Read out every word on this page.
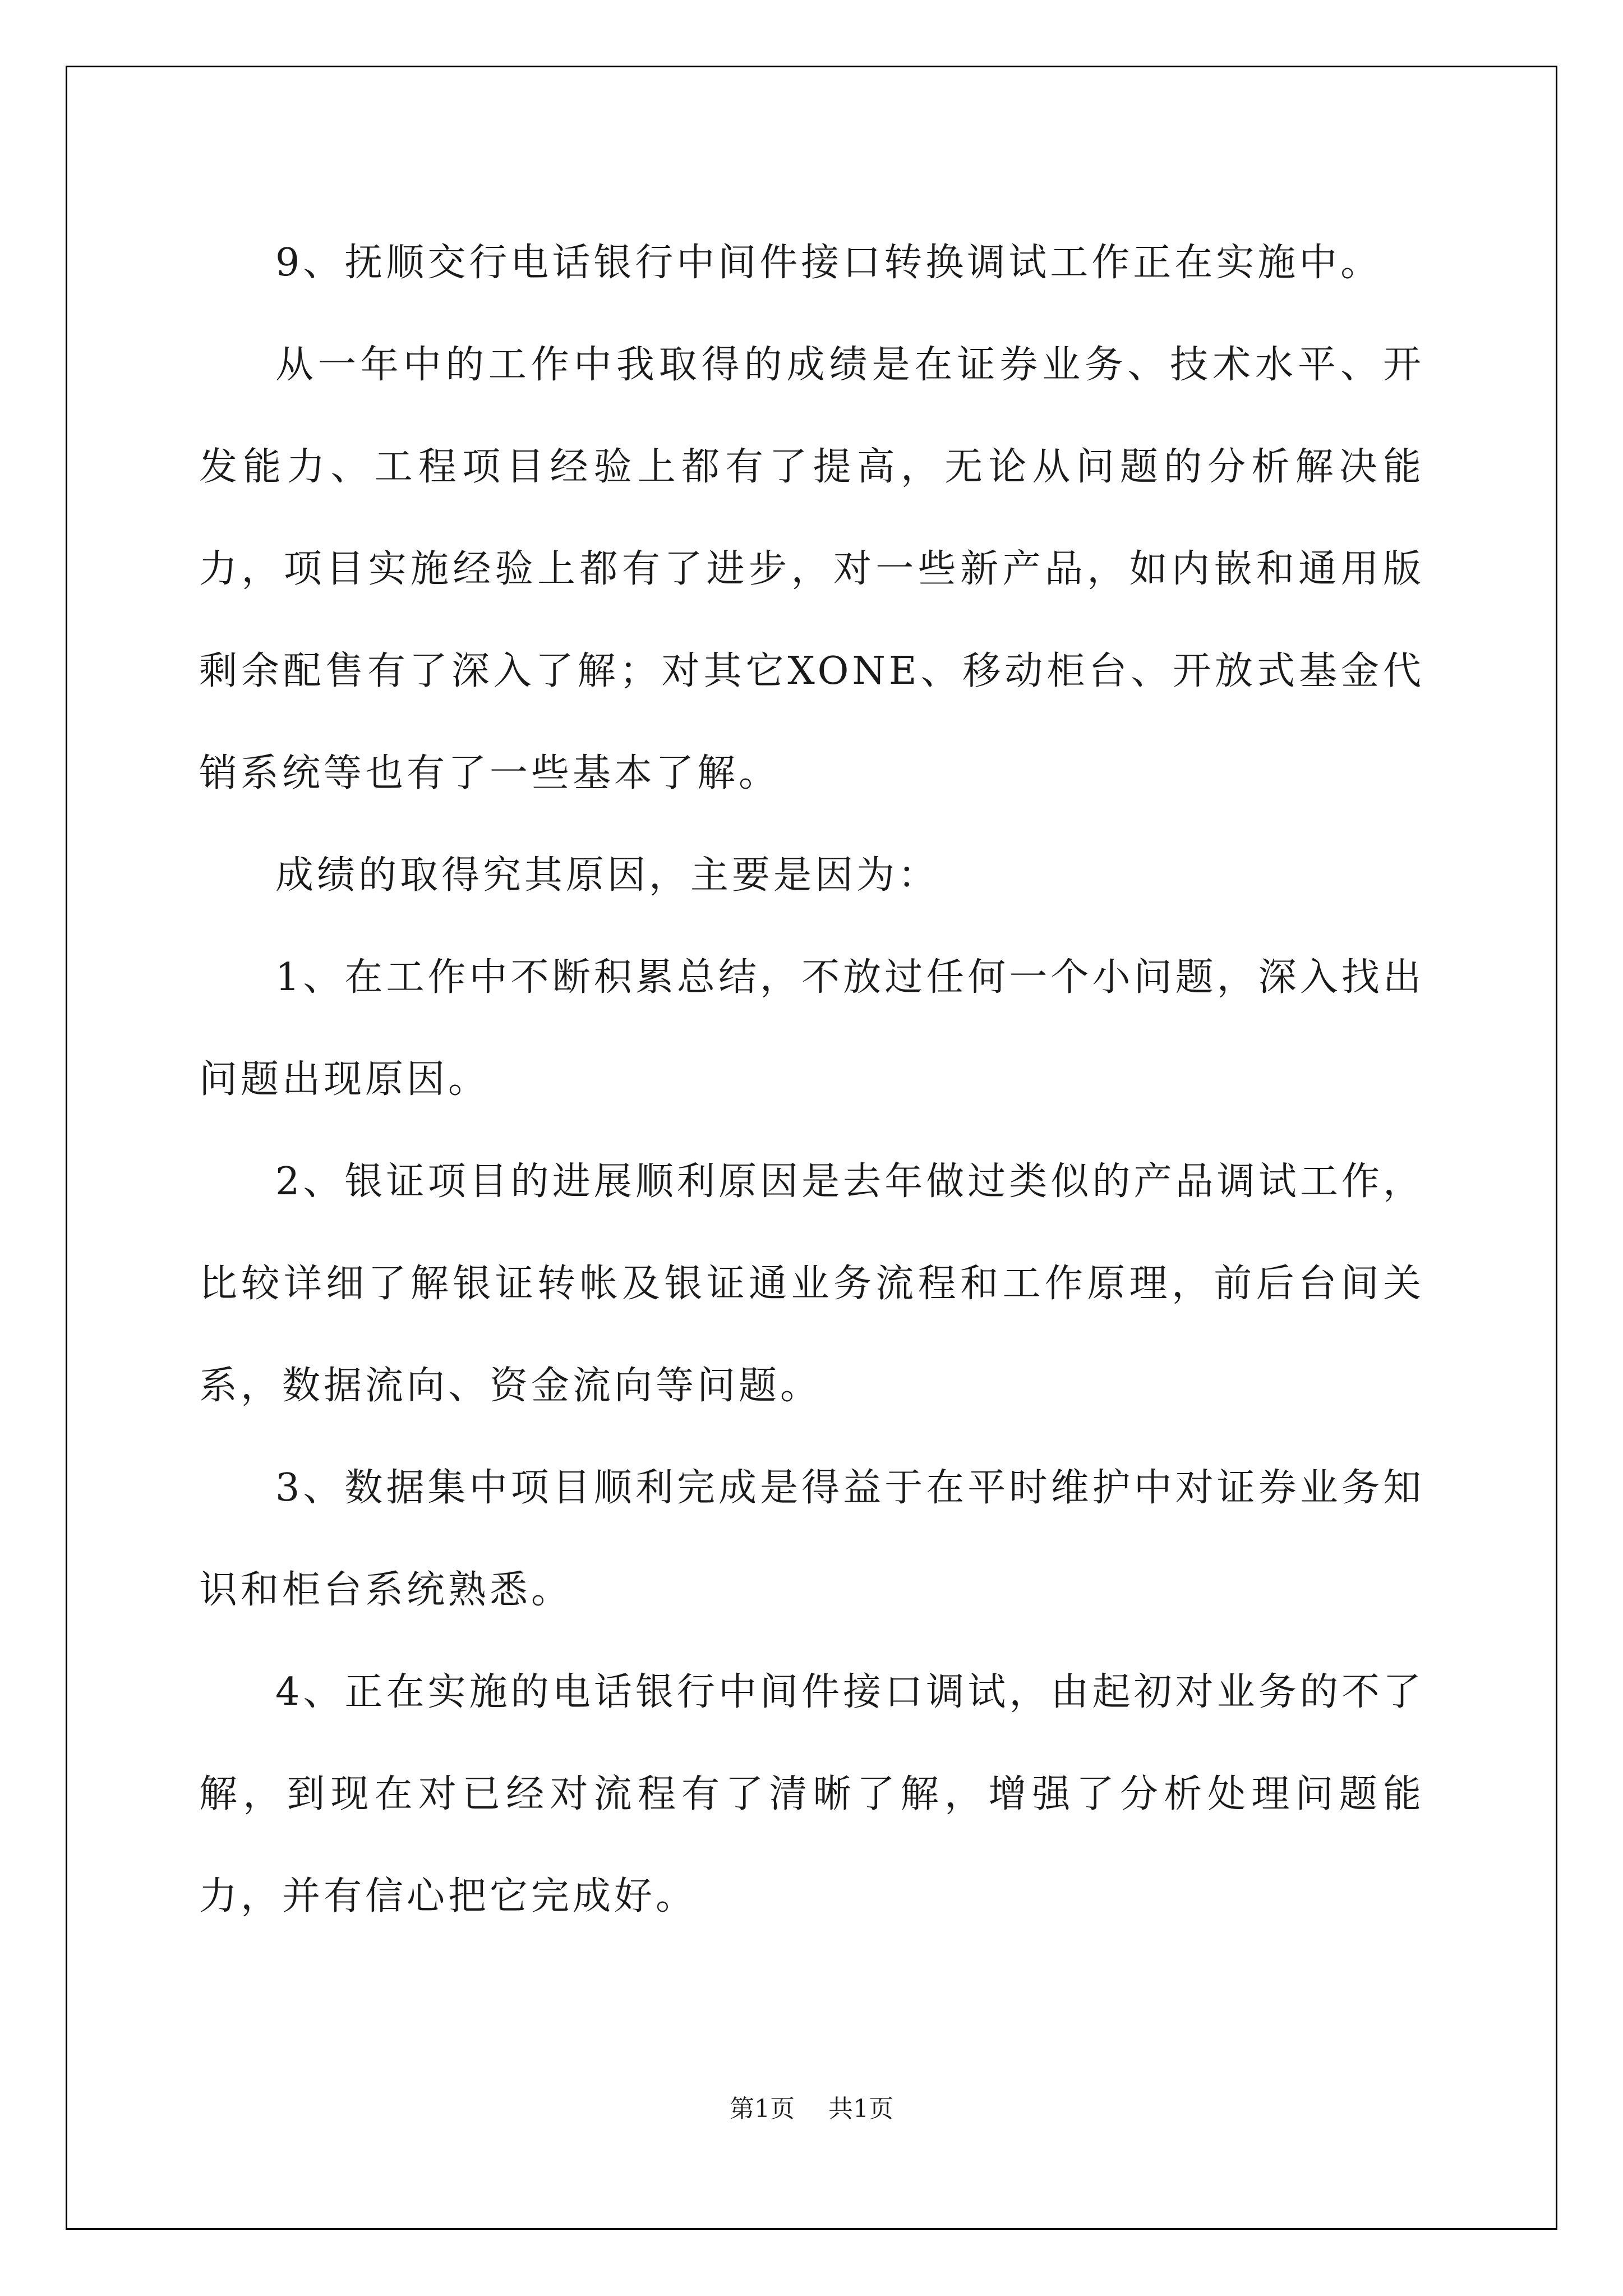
9、抚顺交行电话银行中间件接口转换调试工作正在实施中。

从一年中的工作中我取得的成绩是在证券业务、技术水平、开发能力、工程项目经验上都有了提高，无论从问题的分析解决能力，项目实施经验上都有了进步，对一些新产品，如内嵌和通用版剩余配售有了深入了解；对其它XONE、移动柜台、开放式基金代销系统等也有了一些基本了解。

成绩的取得究其原因，主要是因为：

1、在工作中不断积累总结，不放过任何一个小问题，深入找出问题出现原因。

2、银证项目的进展顺利原因是去年做过类似的产品调试工作，比较详细了解银证转帐及银证通业务流程和工作原理，前后台间关系，数据流向、资金流向等问题。

3、数据集中项目顺利完成是得益于在平时维护中对证券业务知识和柜台系统熟悉。

4、正在实施的电话银行中间件接口调试，由起初对业务的不了解，到现在对已经对流程有了清晰了解，增强了分析处理问题能力，并有信心把它完成好。

第1页 共1页
